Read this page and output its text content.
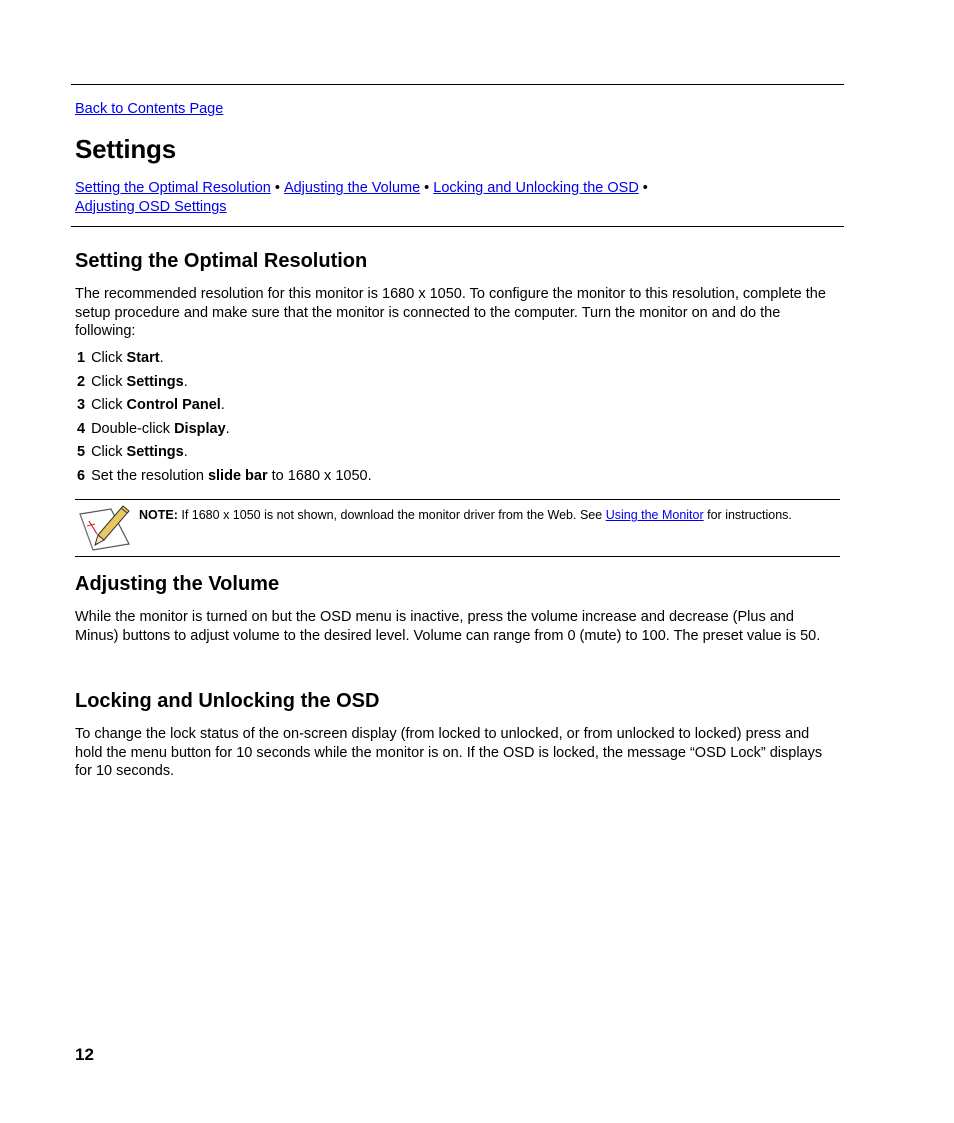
Back to Contents Page
Settings
Setting the Optimal Resolution • Adjusting the Volume • Locking and Unlocking the OSD •
Adjusting OSD Settings
Setting the Optimal Resolution

The recommended resolution for this monitor is 1680 x 1050. To configure the monitor to this resolution, complete the setup procedure and make sure that the monitor is connected to the computer. Turn the monitor on and do the following:

1 Click Start.
2 Click Settings.
3 Click Control Panel.
4 Double-click Display.
5 Click Settings.
6 Set the resolution slide bar to 1680 x 1050.
NOTE: If 1680 x 1050 is not shown, download the monitor driver from the Web. See Using the Monitor for instructions.
Adjusting the Volume

While the monitor is turned on but the OSD menu is inactive, press the volume increase and decrease (Plus and Minus) buttons to adjust volume to the desired level. Volume can range from 0 (mute) to 100. The preset value is 50.

Locking and Unlocking the OSD

To change the lock status of the on-screen display (from locked to unlocked, or from unlocked to locked) press and hold the menu button for 10 seconds while the monitor is on. If the OSD is locked, the message “OSD Lock” displays for 10 seconds.

12
